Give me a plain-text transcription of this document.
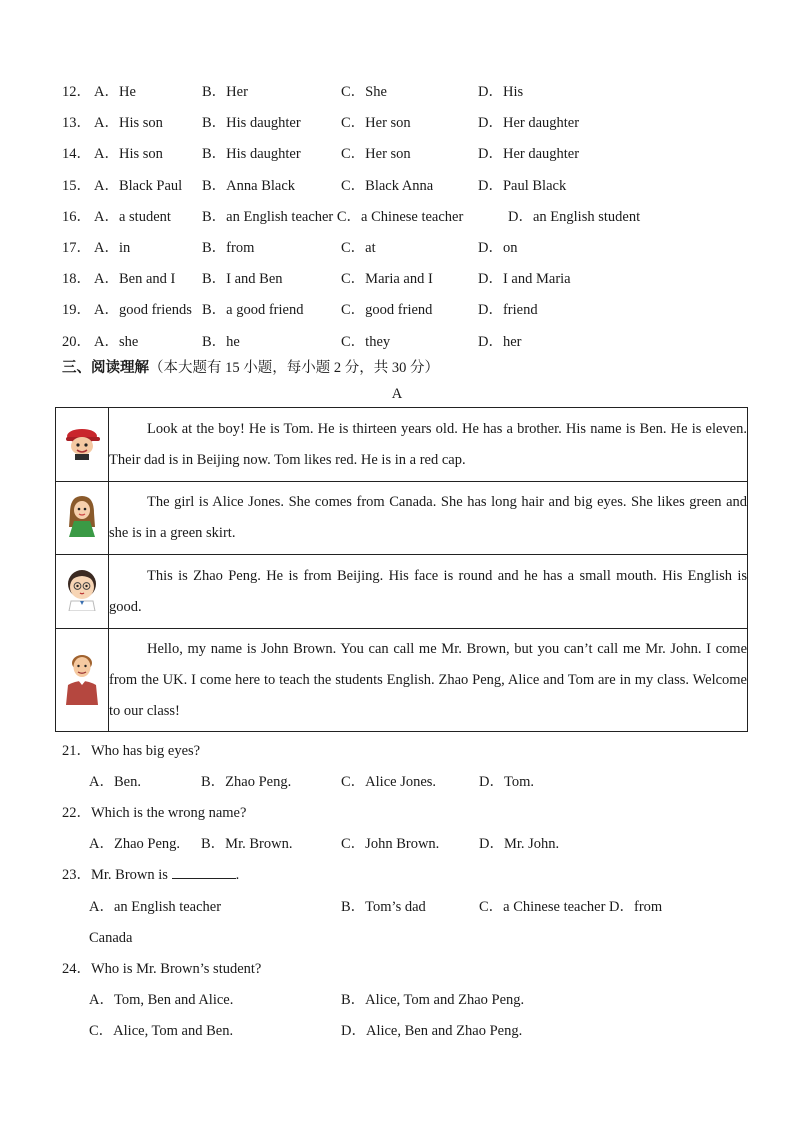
12． A．He	B．Her	C．She	D．His
13． A．His son	B．His daughter	C．Her son	D．Her daughter
14． A．His son	B．His daughter	C．Her son	D．Her daughter
15． A．Black Paul B．Anna Black	C．Black Anna	D．Paul Black
16． A．a student B．an English teacher C．a Chinese teacher	D．an English student
17． A．in	B．from	C．at	D．on
18． A．Ben and I B．I and Ben	C．Maria and I	D．I and Maria
19． A．good friends B．a good friend	C．good friend	D．friend
20． A．she	B．he	C．they	D．her
三、阅读理解（本大题有 15 小题，每小题 2 分，共 30 分）
A
	Look at the boy! He is Tom. He is thirteen years old. He has a brother. His name is Ben. He is eleven. Their dad is in Beijing now. Tom likes red. He is in a red cap.
	The girl is Alice Jones. She comes from Canada. She has long hair and big eyes. She likes green and she is in a green skirt.
	This is Zhao Peng. He is from Beijing. His face is round and he has a small mouth. His English is good.
	Hello, my name is John Brown. You can call me Mr. Brown, but you can’t call me Mr. John. I come from the UK. I come here to teach the students English. Zhao Peng, Alice and Tom are in my class. Welcome to our class!
21．Who has big eyes?
A．Ben.	B．Zhao Peng.	C．Alice Jones.	D．Tom.
22．Which is the wrong name?
A．Zhao Peng. B．Mr. Brown.	C．John Brown.	D．Mr. John.
23．Mr. Brown is	.
A．an English teacher	B．Tom’s dad	C．a Chinese teacher D．from
Canada
24．Who is Mr. Brown’s student?
A．Tom, Ben and Alice.	B．Alice, Tom and Zhao Peng.
C．Alice, Tom and Ben.	D．Alice, Ben and Zhao Peng.
